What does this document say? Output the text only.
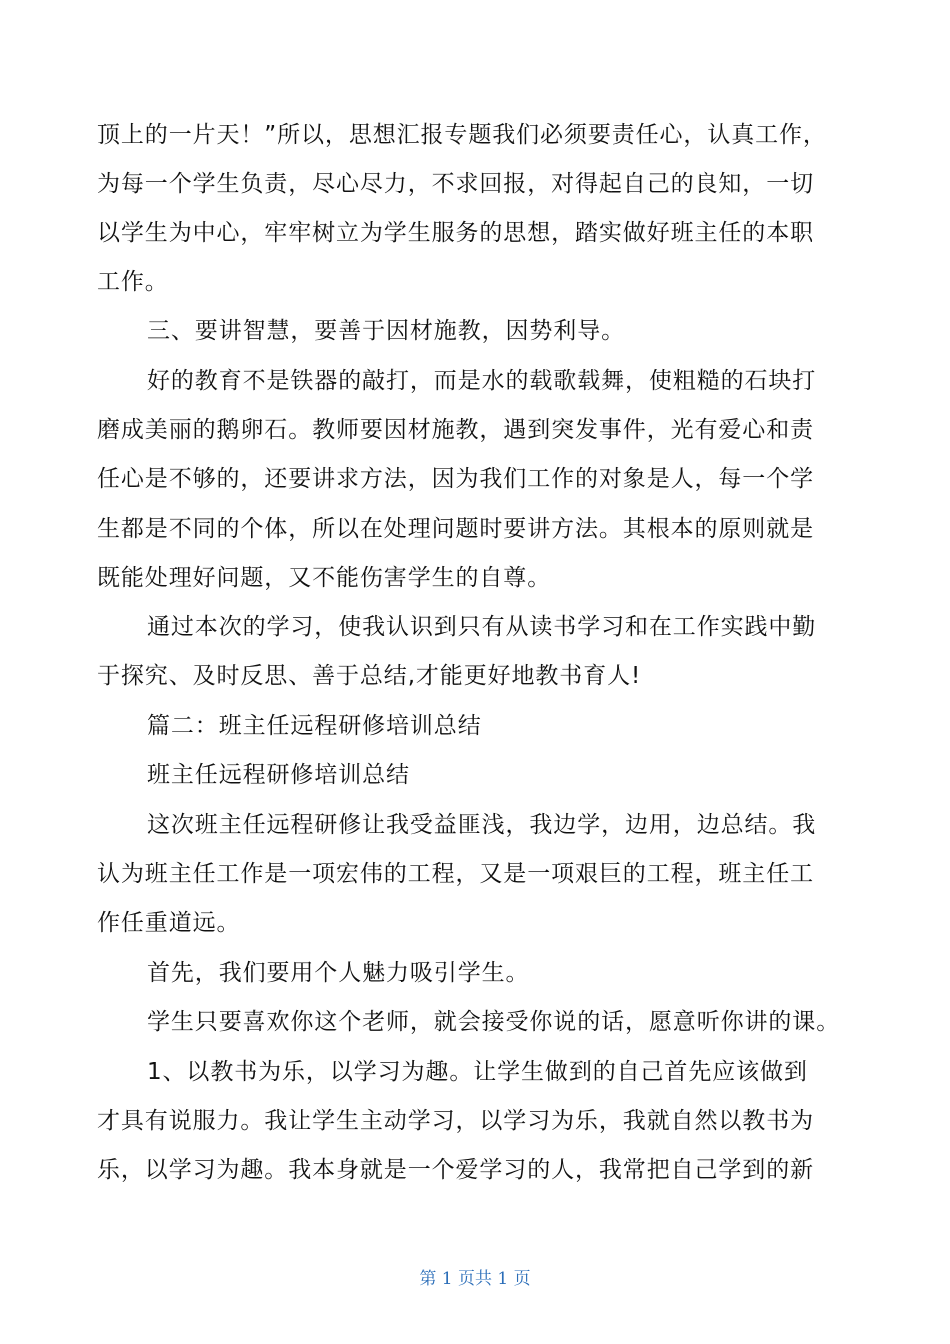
顶上的一片天！”所以，思想汇报专题我们必须要责任心，认真工作，
为每一个学生负责，尽心尽力，不求回报，对得起自己的良知，一切
以学生为中心，牢牢树立为学生服务的思想，踏实做好班主任的本职
工作。
三、要讲智慧，要善于因材施教，因势利导。
好的教育不是铁器的敲打，而是水的载歌载舞，使粗糙的石块打
磨成美丽的鹅卵石。教师要因材施教，遇到突发事件，光有爱心和责
任心是不够的，还要讲求方法，因为我们工作的对象是人，每一个学
生都是不同的个体，所以在处理问题时要讲方法。其根本的原则就是
既能处理好问题，又不能伤害学生的自尊。
通过本次的学习，使我认识到只有从读书学习和在工作实践中勤
于探究、及时反思、善于总结,才能更好地教书育人!
篇二：班主任远程研修培训总结
班主任远程研修培训总结
这次班主任远程研修让我受益匪浅，我边学，边用，边总结。我
认为班主任工作是一项宏伟的工程，又是一项艰巨的工程，班主任工
作任重道远。
首先，我们要用个人魅力吸引学生。
学生只要喜欢你这个老师，就会接受你说的话，愿意听你讲的课。
1、以教书为乐，以学习为趣。让学生做到的自己首先应该做到
才具有说服力。我让学生主动学习，以学习为乐，我就自然以教书为
乐，以学习为趣。我本身就是一个爱学习的人，我常把自己学到的新
第 1 页共 1 页
